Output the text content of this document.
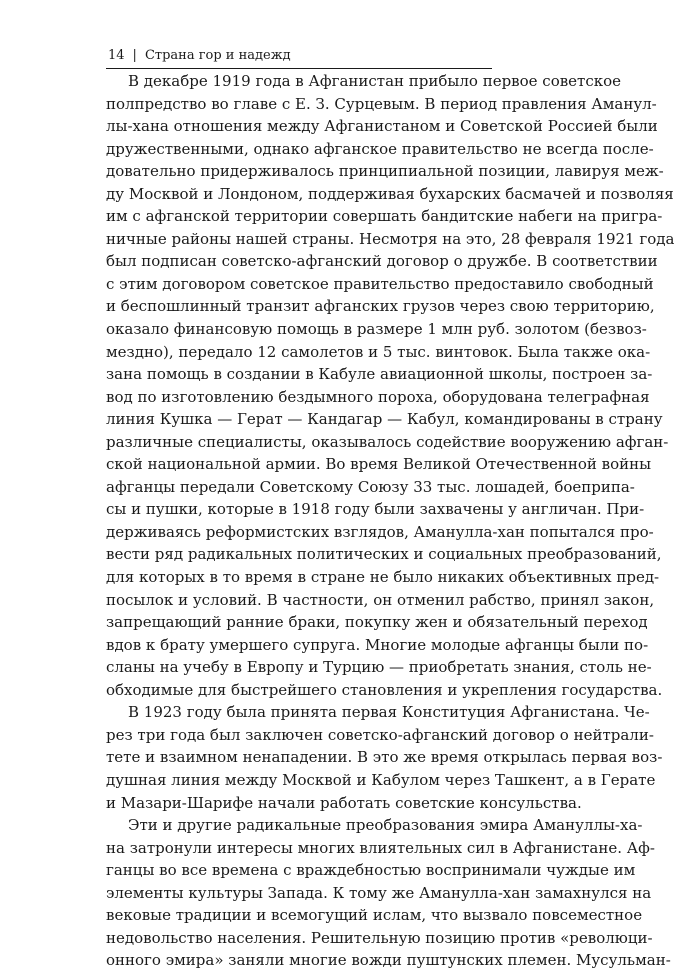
14 | Страна гор и надежд
В декабре 1919 года в Афганистан прибыло первое советское
полпредство во главе с Е. З. Сурцевым. В период правления Аманул-
лы-хана отношения между Афганистаном и Советской Россией были
дружественными, однако афганское правительство не всегда после-
довательно придерживалось принципиальной позиции, лавируя меж-
ду Москвой и Лондоном, поддерживая бухарских басмачей и позволяя
им с афганской территории совершать бандитские набеги на пригра-
ничные районы нашей страны. Несмотря на это, 28 февраля 1921 года
был подписан советско-афганский договор о дружбе. В соответствии
с этим договором советское правительство предоставило свободный
и беспошлинный транзит афганских грузов через свою территорию,
оказало финансовую помощь в размере 1 млн руб. золотом (безвоз-
мездно), передало 12 самолетов и 5 тыс. винтовок. Была также ока-
зана помощь в создании в Кабуле авиационной школы, построен за-
вод по изготовлению бездымного пороха, оборудована телеграфная
линия Кушка — Герат — Кандагар — Кабул, командированы в страну
различные специалисты, оказывалось содействие вооружению афган-
ской национальной армии. Во время Великой Отечественной войны
афганцы передали Советскому Союзу 33 тыс. лошадей, боеприпа-
сы и пушки, которые в 1918 году были захвачены у англичан. При-
держиваясь реформистских взглядов, Аманулла-хан попытался про-
вести ряд радикальных политических и социальных преобразований,
для которых в то время в стране не было никаких объективных пред-
посылок и условий. В частности, он отменил рабство, принял закон,
запрещающий ранние браки, покупку жен и обязательный переход
вдов к брату умершего супруга. Многие молодые афганцы были по-
сланы на учебу в Европу и Турцию — приобретать знания, столь не-
обходимые для быстрейшего становления и укрепления государства.
В 1923 году была принята первая Конституция Афганистана. Че-
рез три года был заключен советско-афганский договор о нейтрали-
тете и взаимном ненападении. В это же время открылась первая воз-
душная линия между Москвой и Кабулом через Ташкент, а в Герате
и Мазари-Шарифе начали работать советские консульства.
Эти и другие радикальные преобразования эмира Амануллы-ха-
на затронули интересы многих влиятельных сил в Афганистане. Аф-
ганцы во все времена с враждебностью воспринимали чуждые им
элементы культуры Запада. К тому же Аманулла-хан замахнулся на
вековые традиции и всемогущий ислам, что вызвало повсеместное
недовольство населения. Решительную позицию против «революци-
онного эмира» заняли многие вожди пуштунских племен. Мусульман-
